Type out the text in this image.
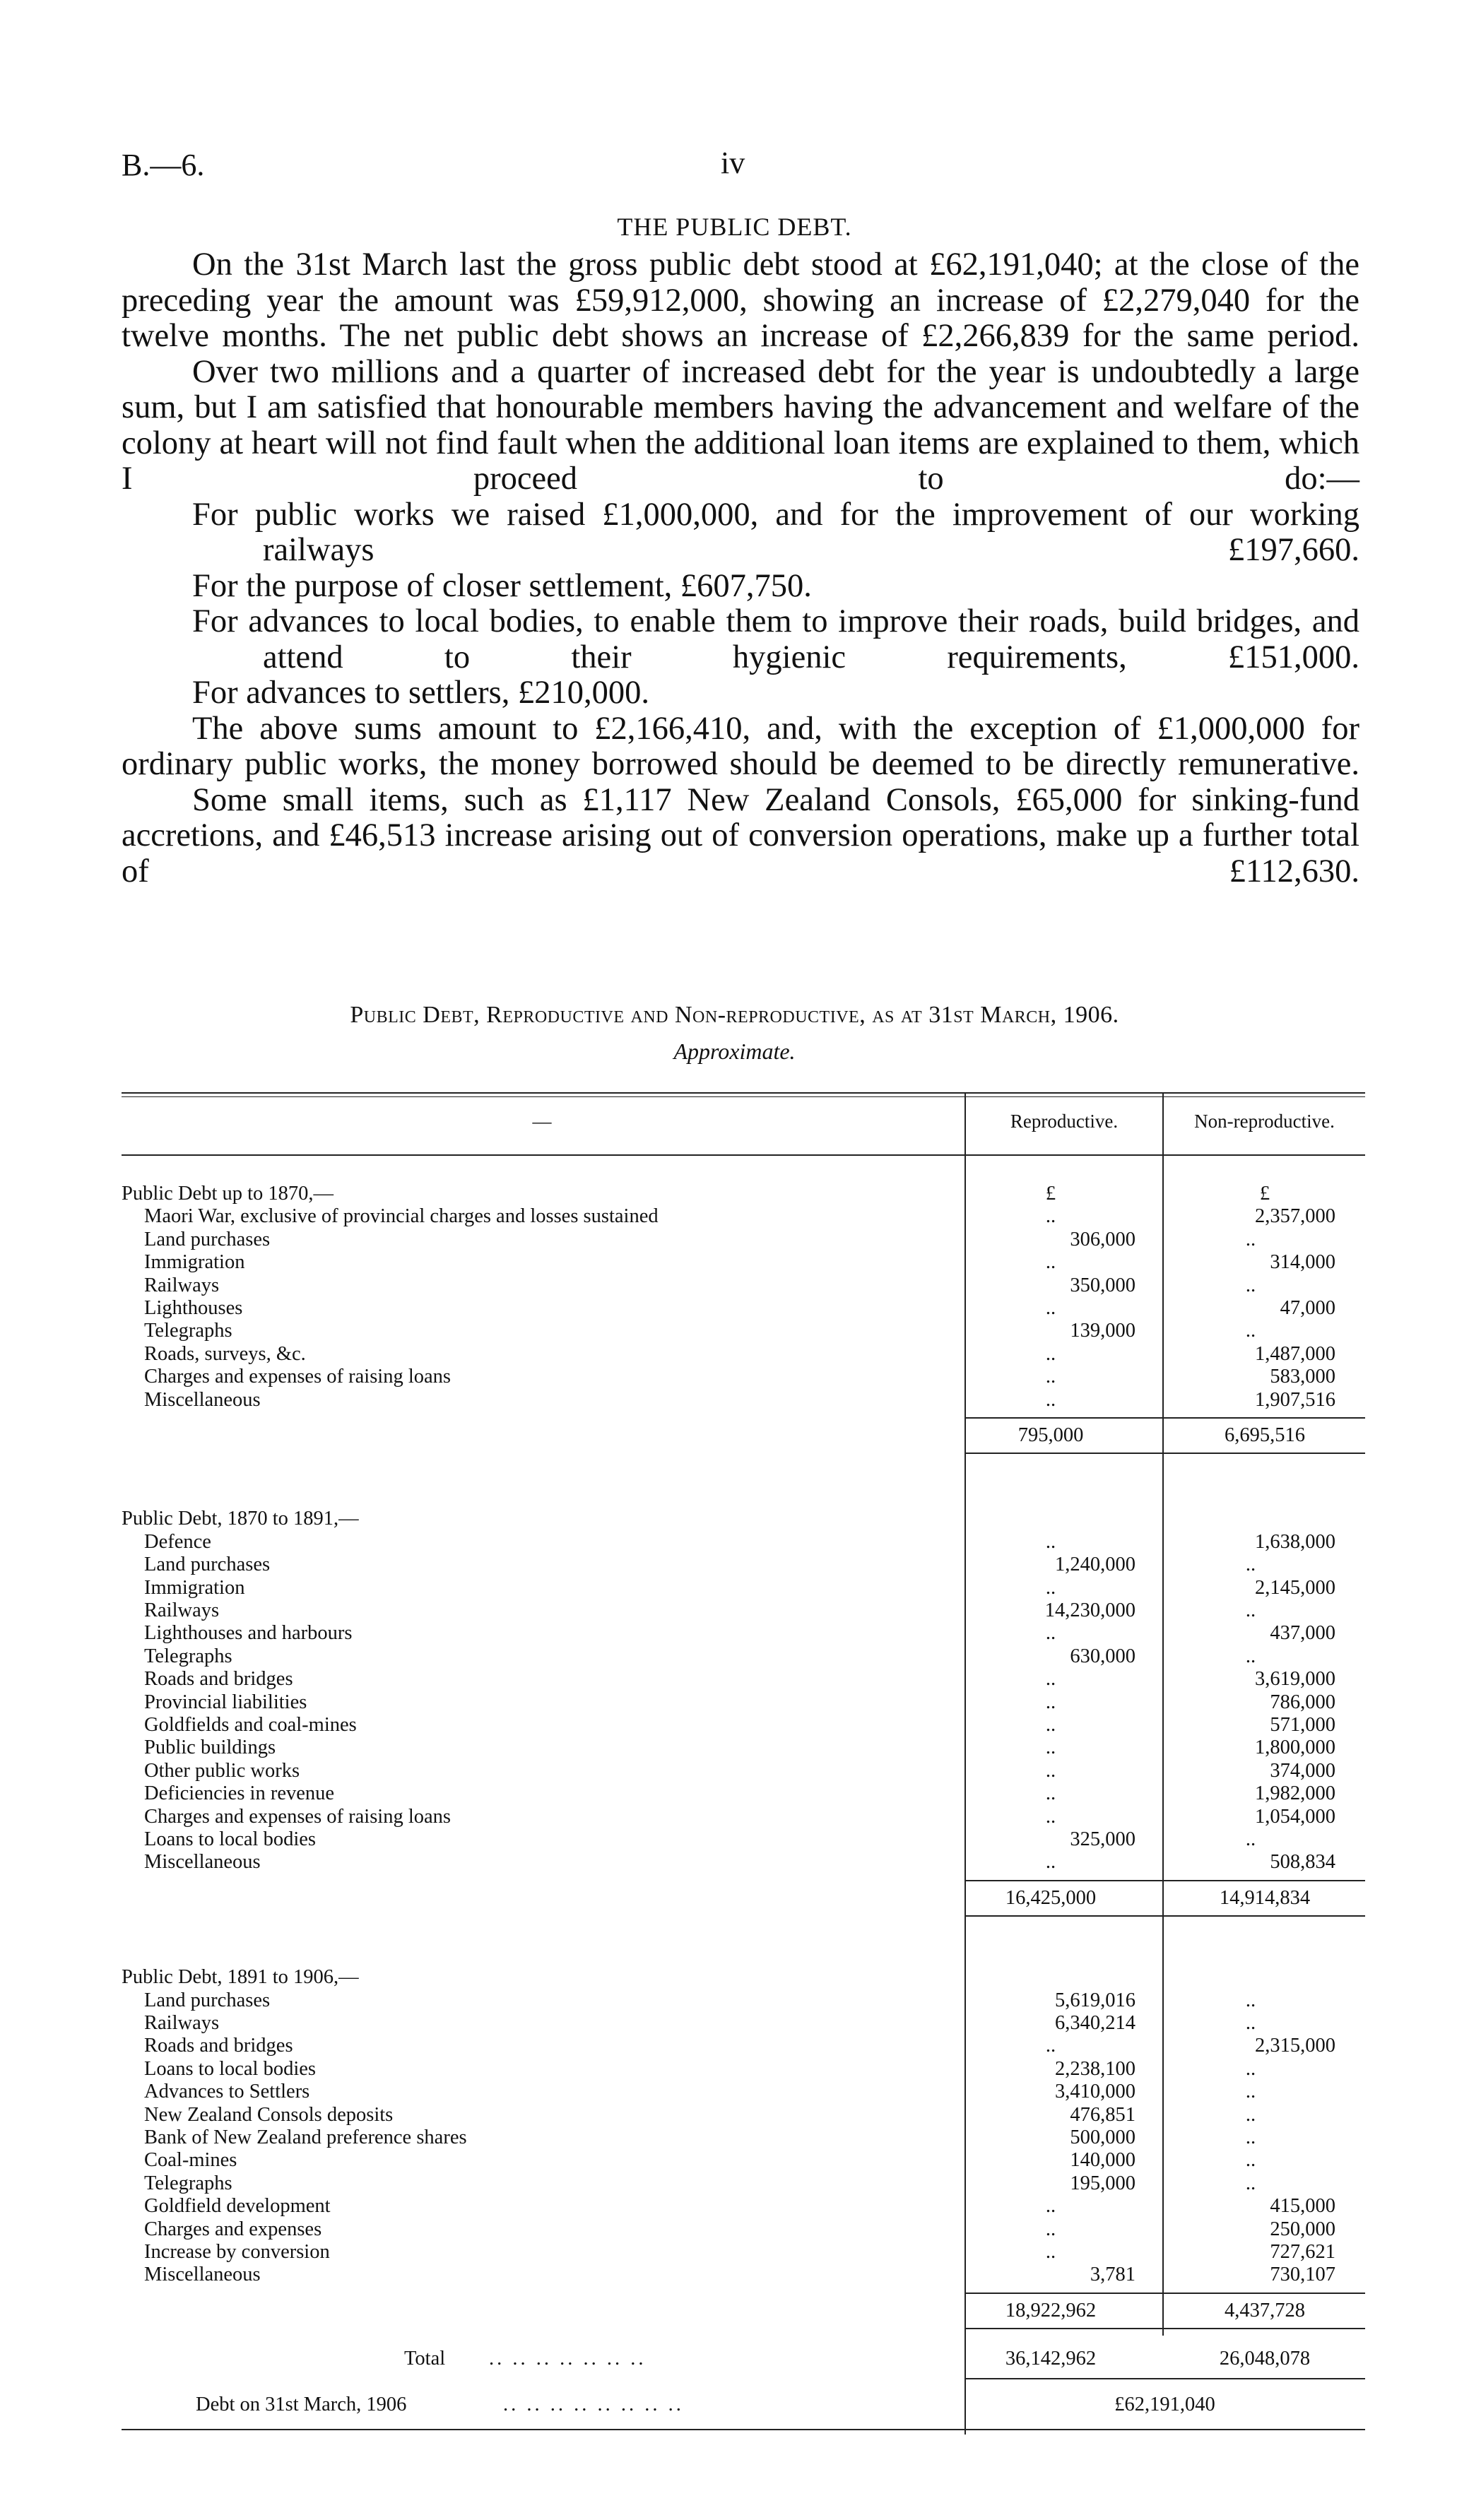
B.—6.	iv
THE PUBLIC DEBT.

On the 31st March last the gross public debt stood at £62,191,040; at the close of the preceding year the amount was £59,912,000, showing an increase of £2,279,040 for the twelve months. The net public debt shows an increase of £2,266,839 for the same period.

Over two millions and a quarter of increased debt for the year is undoubtedly a large sum, but I am satisfied that honourable members having the advancement and welfare of the colony at heart will not find fault when the additional loan items are explained to them, which I proceed to do:—

For public works we raised £1,000,000, and for the improvement of our working railways £197,660.

For the purpose of closer settlement, £607,750.

For advances to local bodies, to enable them to improve their roads, build bridges, and attend to their hygienic requirements, £151,000.

For advances to settlers, £210,000.

The above sums amount to £2,166,410, and, with the exception of £1,000,000 for ordinary public works, the money borrowed should be deemed to be directly remunerative.

Some small items, such as £1,117 New Zealand Consols, £65,000 for sinking-fund accretions, and £46,513 increase arising out of conversion operations, make up a further total of £112,630.

Public Debt, Reproductive and Non-reproductive, as at 31st March, 1906.
Approximate.
—	Reproductive.	Non-reproductive.
Public Debt up to 1870,—	£	£
Maori War, exclusive of provincial charges and losses sustained	..	2,357,000
Land purchases	306,000	..
Immigration	..	314,000
Railways	350,000	..
Lighthouses	..	47,000
Telegraphs	139,000	..
Roads, surveys, &c.	..	1,487,000
Charges and expenses of raising loans	..	583,000
Miscellaneous	..	1,907,516
795,000	6,695,516
Public Debt, 1870 to 1891,—
Defence	..	1,638,000
Land purchases	1,240,000	..
Immigration	..	2,145,000
Railways	14,230,000	..
Lighthouses and harbours	..	437,000
Telegraphs	630,000	..
Roads and bridges	..	3,619,000
Provincial liabilities	..	786,000
Goldfields and coal-mines	..	571,000
Public buildings	..	1,800,000
Other public works	..	374,000
Deficiencies in revenue	..	1,982,000
Charges and expenses of raising loans	..	1,054,000
Loans to local bodies	325,000	..
Miscellaneous	..	508,834
16,425,000	14,914,834
Public Debt, 1891 to 1906,—
Land purchases	5,619,016	..
Railways	6,340,214	..
Roads and bridges	..	2,315,000
Loans to local bodies	2,238,100	..
Advances to Settlers	3,410,000	..
New Zealand Consols deposits	476,851	..
Bank of New Zealand preference shares	500,000	..
Coal-mines	140,000	..
Telegraphs	195,000	..
Goldfield development	..	415,000
Charges and expenses	..	250,000
Increase by conversion	..	727,621
Miscellaneous	3,781	730,107
18,922,962	4,437,728
Total .. .. .. .. .. .. ..	36,142,962	26,048,078
Debt on 31st March, 1906	.. .. .. .. .. .. .. ..	£62,191,040
